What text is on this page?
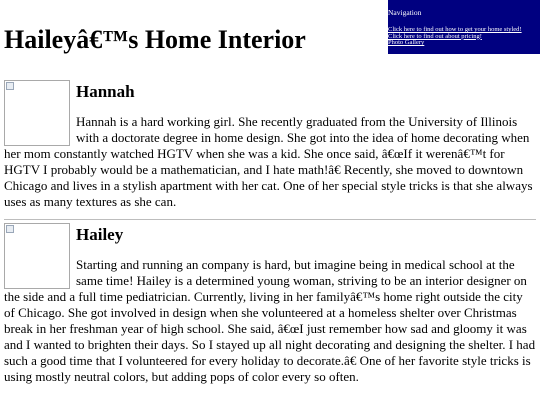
Haileyâ€™s Home Interior
Navigation
Click here to find out how to get your home styled!
Click here to find out about pricing!
Photo Gallery
Hannah

Hannah is a hard working girl. She recently graduated from the University of Illinois with a doctorate degree in home design. She got into the idea of home decorating when her mom constantly watched HGTV when she was a kid. She once said, â€œIf it werenâ€™t for HGTV I probably would be a mathematician, and I hate math!â€ Recently, she moved to downtown Chicago and lives in a stylish apartment with her cat. One of her special style tricks is that she always uses as many textures as she can.

Hailey

Starting and running an company is hard, but imagine being in medical school at the same time! Hailey is a determined young woman, striving to be an interior designer on the side and a full time pediatrician. Currently, living in her familyâ€™s home right outside the city of Chicago. She got involved in design when she volunteered at a homeless shelter over Christmas break in her freshman year of high school. She said, â€œI just remember how sad and gloomy it was and I wanted to brighten their days. So I stayed up all night decorating and designing the shelter. I had such a good time that I volunteered for every holiday to decorate.â€ One of her favorite style tricks is using mostly neutral colors, but adding pops of color every so often.
